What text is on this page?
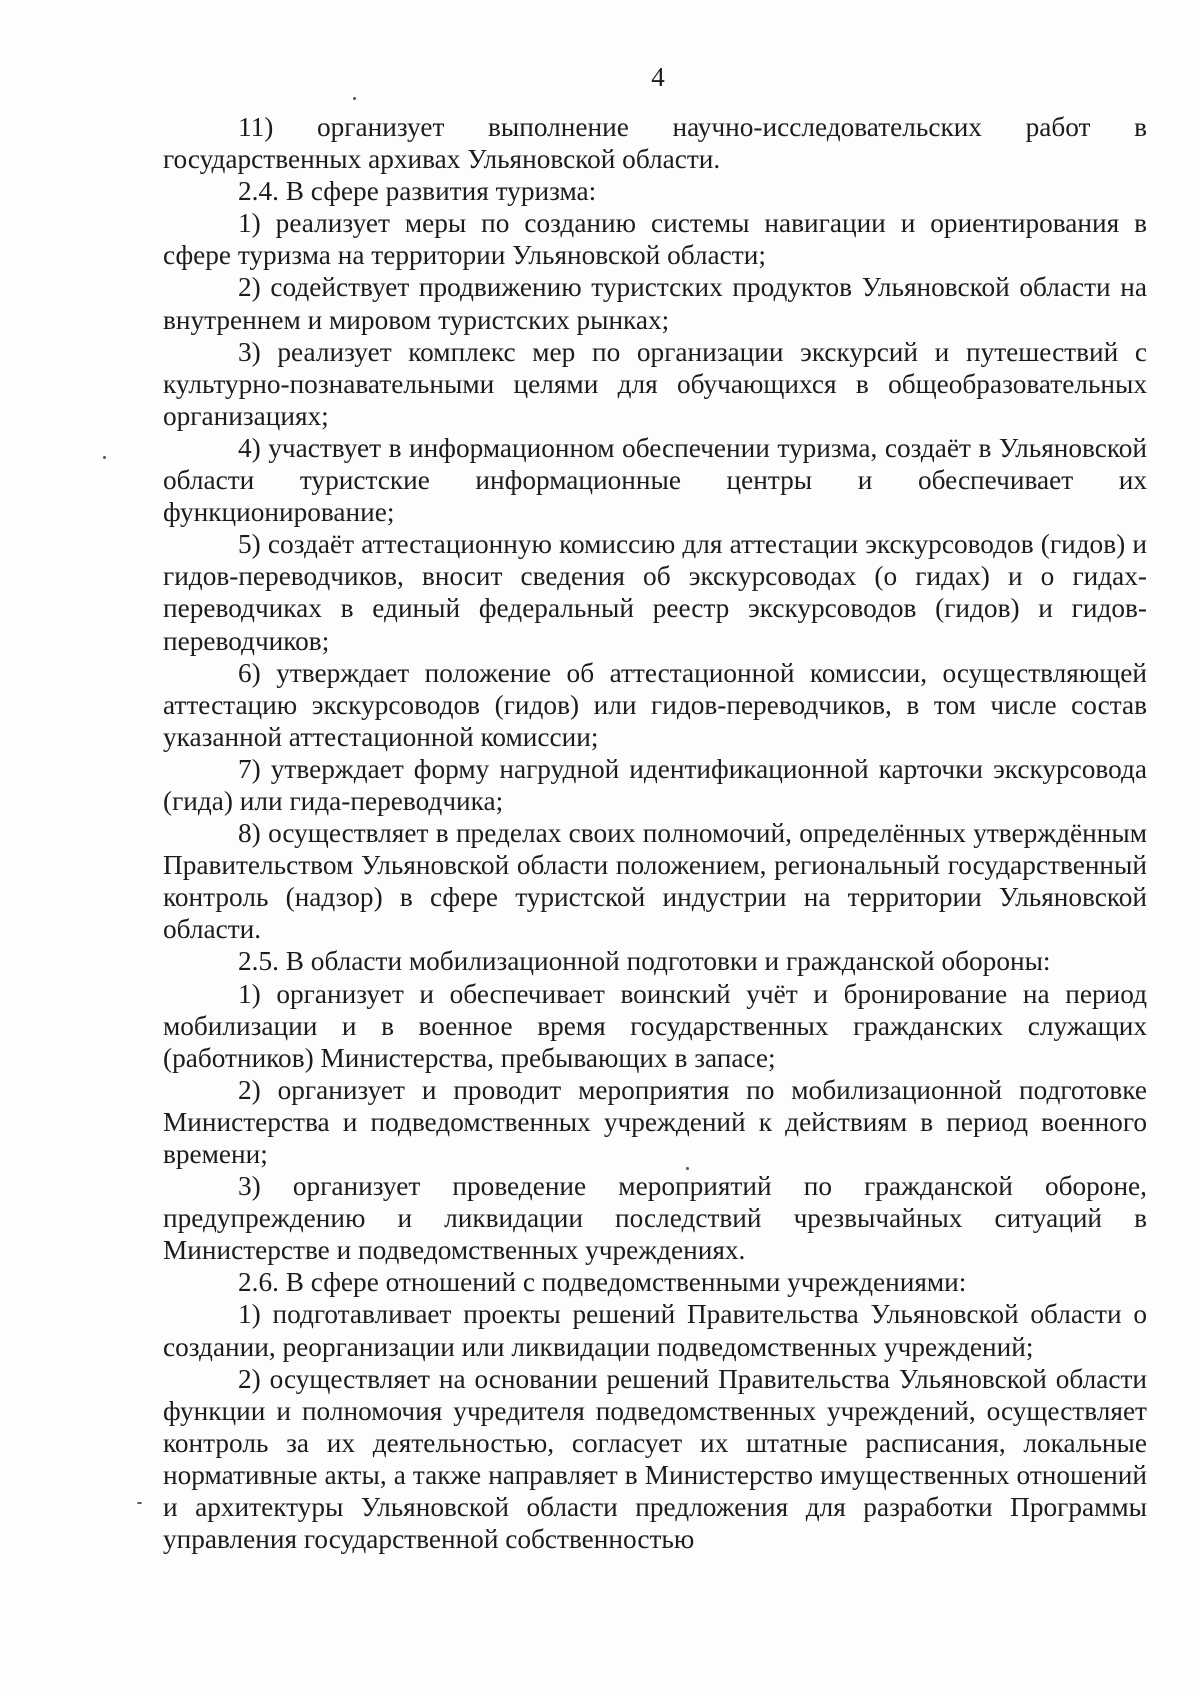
4

11) организует выполнение научно-исследовательских работ в государственных архивах Ульяновской области.

2.4. В сфере развития туризма:

1) реализует меры по созданию системы навигации и ориентирования в сфере туризма на территории Ульяновской области;

2) содействует продвижению туристских продуктов Ульяновской области на внутреннем и мировом туристских рынках;

3) реализует комплекс мер по организации экскурсий и путешествий с культурно-познавательными целями для обучающихся в общеобразовательных организациях;

4) участвует в информационном обеспечении туризма, создаёт в Ульяновской области туристские информационные центры и обеспечивает их функционирование;

5) создаёт аттестационную комиссию для аттестации экскурсоводов (гидов) и гидов-переводчиков, вносит сведения об экскурсоводах (о гидах) и о гидах-переводчиках в единый федеральный реестр экскурсоводов (гидов) и гидов-переводчиков;

6) утверждает положение об аттестационной комиссии, осуществляющей аттестацию экскурсоводов (гидов) или гидов-переводчиков, в том числе состав указанной аттестационной комиссии;

7) утверждает форму нагрудной идентификационной карточки экскурсовода (гида) или гида-переводчика;

8) осуществляет в пределах своих полномочий, определённых утверждённым Правительством Ульяновской области положением, региональный государственный контроль (надзор) в сфере туристской индустрии на территории Ульяновской области.

2.5. В области мобилизационной подготовки и гражданской обороны:

1) организует и обеспечивает воинский учёт и бронирование на период мобилизации и в военное время государственных гражданских служащих (работников) Министерства, пребывающих в запасе;

2) организует и проводит мероприятия по мобилизационной подготовке Министерства и подведомственных учреждений к действиям в период военного времени;

3) организует проведение мероприятий по гражданской обороне, предупреждению и ликвидации последствий чрезвычайных ситуаций в Министерстве и подведомственных учреждениях.

2.6. В сфере отношений с подведомственными учреждениями:

1) подготавливает проекты решений Правительства Ульяновской области о создании, реорганизации или ликвидации подведомственных учреждений;

2) осуществляет на основании решений Правительства Ульяновской области функции и полномочия учредителя подведомственных учреждений, осуществляет контроль за их деятельностью, согласует их штатные расписания, локальные нормативные акты, а также направляет в Министерство имущественных отношений и архитектуры Ульяновской области предложения для разработки Программы управления государственной собственностью
